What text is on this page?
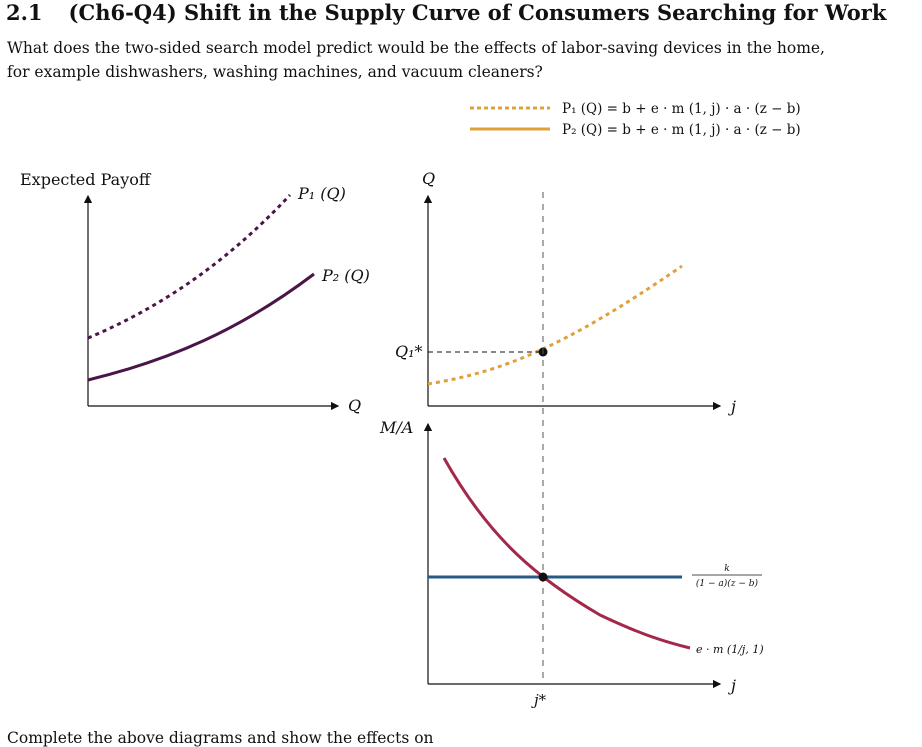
2.1 (Ch6-Q4) Shift in the Supply Curve of Consumers Searching for Work
What does the two-sided search model predict would be the effects of labor-saving devices in the home, for example dishwashers, washing machines, and vacuum cleaners?
P₁ (Q) = b + e · m (1, j) · a · (z − b)
P₂ (Q) = b + e · m (1, j) · a · (z − b)
Expected Payoff
Q
P₁ (Q)
P₂ (Q)
Q
j
Q₁*
M/A
j
k
(1 − a)(z − b)
e · m (1/j, 1)
j*
Complete the above diagrams and show the effects on
